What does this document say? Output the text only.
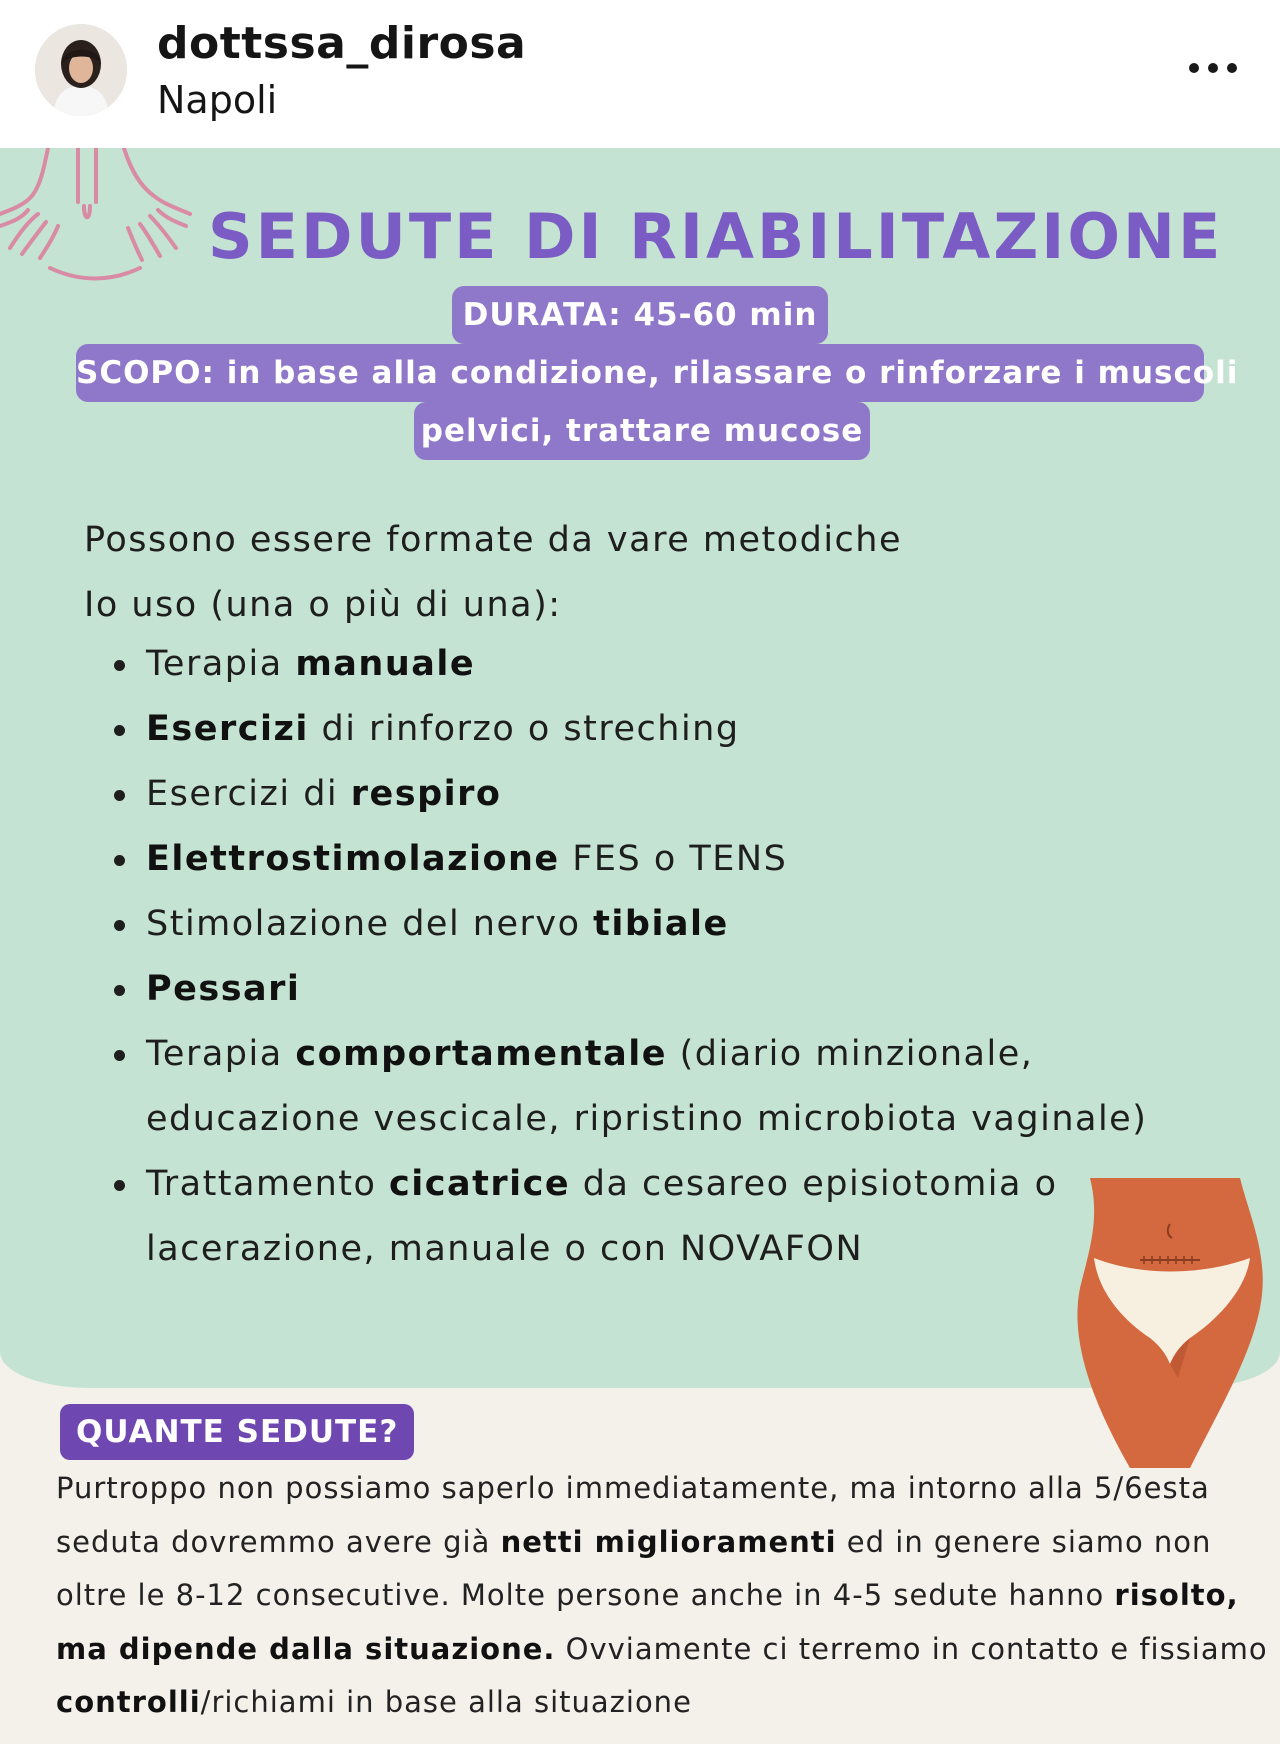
dottssa_dirosa
Napoli
SEDUTE DI RIABILITAZIONE
DURATA: 45-60 min
SCOPO: in base alla condizione, rilassare o rinforzare i muscoli
pelvici, trattare mucose
Possono essere formate da vare metodiche
Io uso (una o più di una):
Terapia manuale
Esercizi di rinforzo o streching
Esercizi di respiro
Elettrostimolazione FES o TENS
Stimolazione del nervo tibiale
Pessari
Terapia comportamentale (diario minzionale,
educazione vescicale, ripristino microbiota vaginale)
Trattamento cicatrice da cesareo episiotomia o
lacerazione, manuale o con NOVAFON
QUANTE SEDUTE?

Purtroppo non possiamo saperlo immediatamente, ma intorno alla 5/6esta

seduta dovremmo avere già netti miglioramenti ed in genere siamo non

oltre le 8-12 consecutive. Molte persone anche in 4-5 sedute hanno risolto,

ma dipende dalla situazione. Ovviamente ci terremo in contatto e fissiamo

controlli/richiami in base alla situazione
